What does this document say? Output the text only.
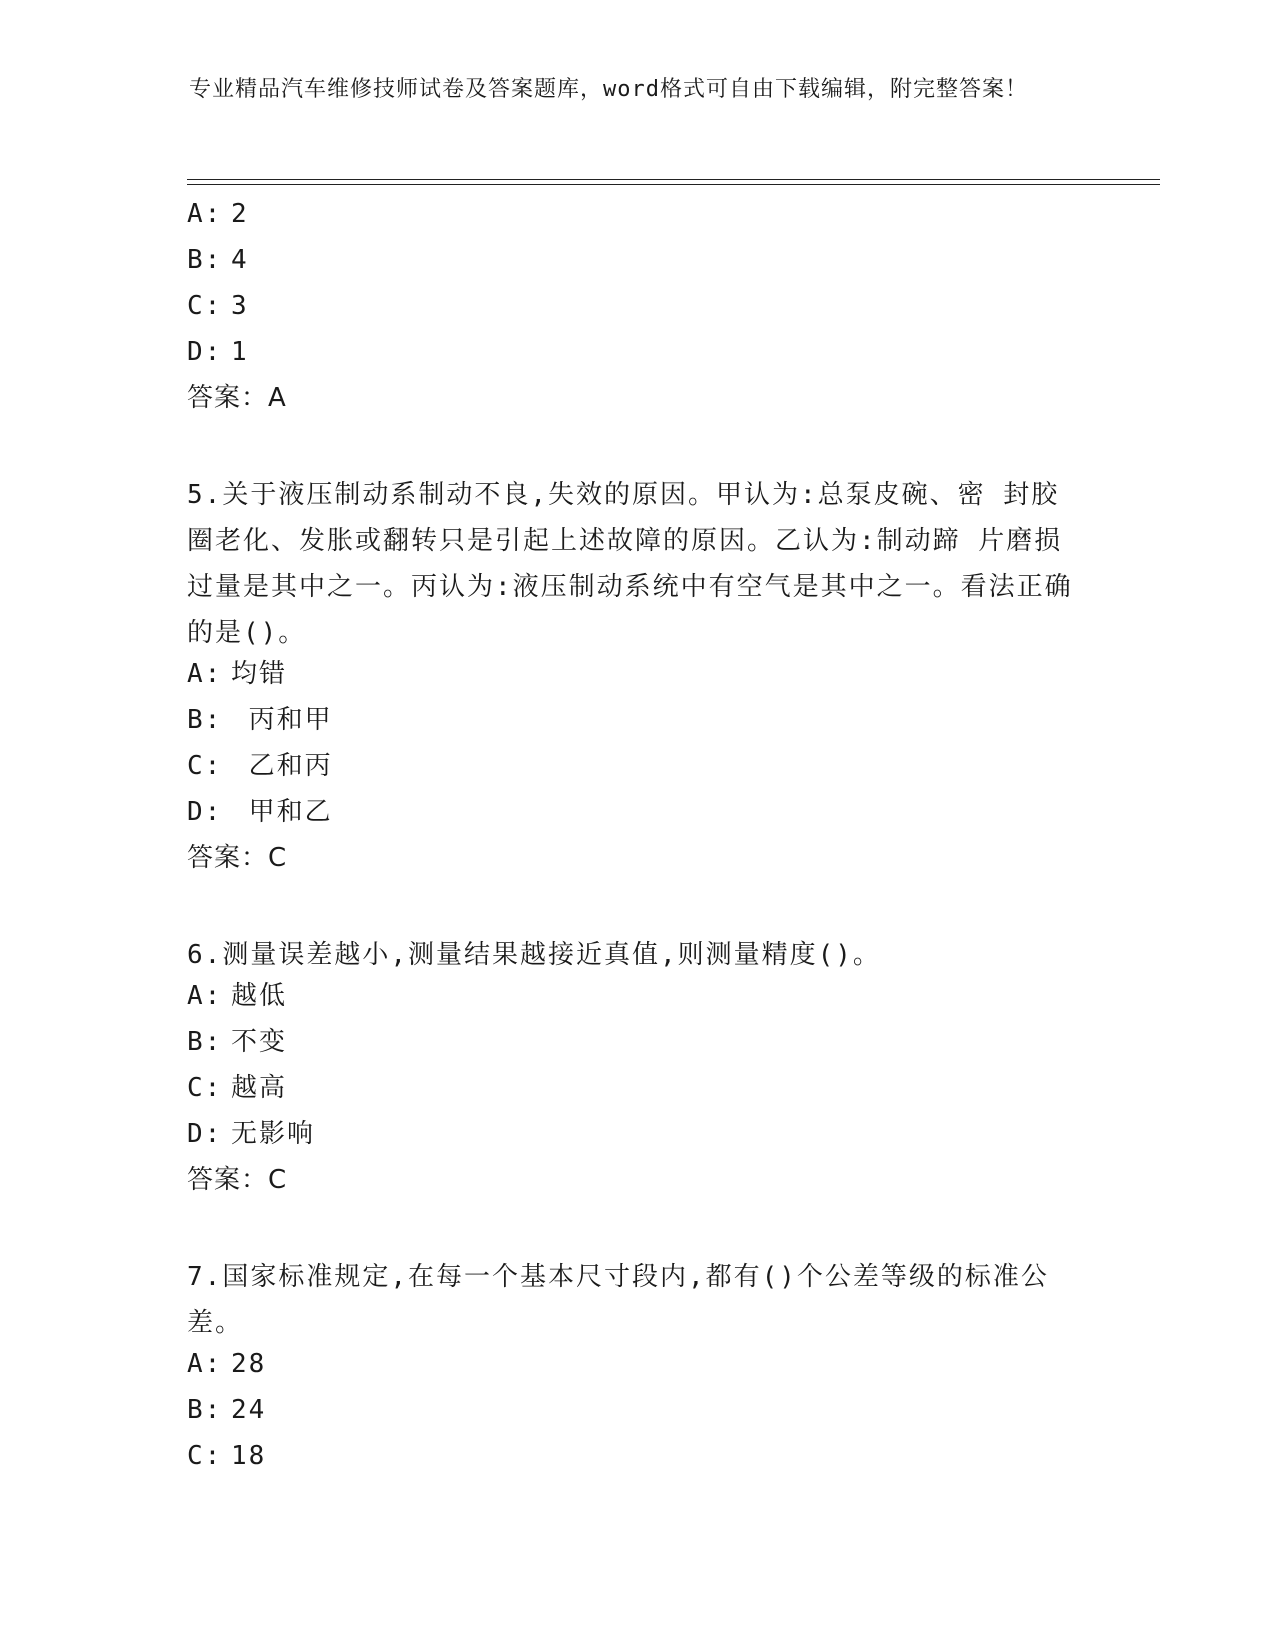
专业精品汽车维修技师试卷及答案题库，word格式可自由下载编辑，附完整答案！
A: 2
B: 4
C: 3
D: 1
答案：A
5.关于液压制动系制动不良,失效的原因。甲认为:总泵皮碗、密 封胶圈老化、发胀或翻转只是引起上述故障的原因。乙认为:制动蹄 片磨损过量是其中之一。丙认为:液压制动系统中有空气是其中之一。看法正确的是()。
A: 均错
B: 丙和甲
C: 乙和丙
D: 甲和乙
答案：C
6.测量误差越小,测量结果越接近真值,则测量精度()。
A: 越低
B: 不变
C: 越高
D: 无影响
答案：C
7.国家标准规定,在每一个基本尺寸段内,都有()个公差等级的标准公差。
A: 28
B: 24
C: 18
